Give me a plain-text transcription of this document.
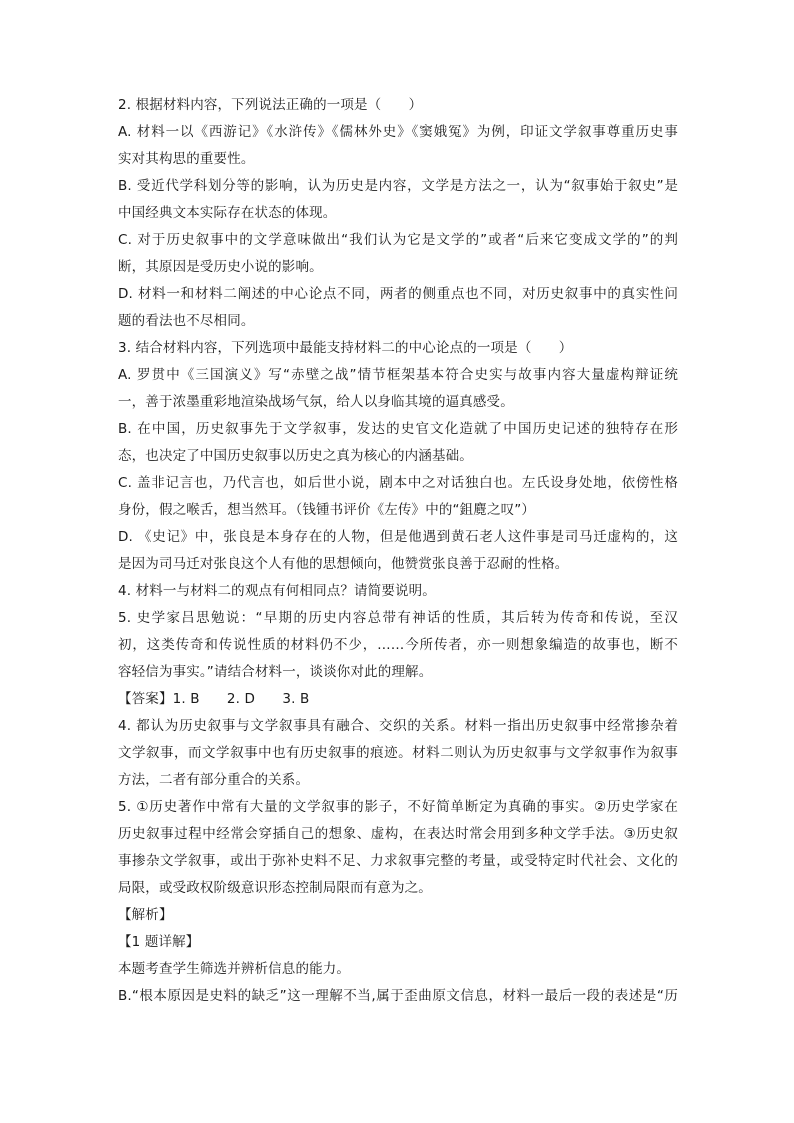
2. 根据材料内容，下列说法正确的一项是（　　）
A. 材料一以《西游记》《水浒传》《儒林外史》《窦娥冤》为例，印证文学叙事尊重历史事
实对其构思的重要性。
B. 受近代学科划分等的影响，认为历史是内容，文学是方法之一，认为“叙事始于叙史”是
中国经典文本实际存在状态的体现。
C. 对于历史叙事中的文学意味做出“我们认为它是文学的”或者“后来它变成文学的”的判
断，其原因是受历史小说的影响。
D. 材料一和材料二阐述的中心论点不同，两者的侧重点也不同，对历史叙事中的真实性问
题的看法也不尽相同。
3. 结合材料内容，下列选项中最能支持材料二的中心论点的一项是（　　）
A. 罗贯中《三国演义》写“赤壁之战”情节框架基本符合史实与故事内容大量虚构辩证统
一，善于浓墨重彩地渲染战场气氛，给人以身临其境的逼真感受。
B. 在中国，历史叙事先于文学叙事，发达的史官文化造就了中国历史记述的独特存在形
态，也决定了中国历史叙事以历史之真为核心的内涵基础。
C. 盖非记言也，乃代言也，如后世小说，剧本中之对话独白也。左氏设身处地，依傍性格
身份，假之喉舌，想当然耳。（钱锺书评价《左传》中的“鉏麑之叹”）
D. 《史记》中，张良是本身存在的人物，但是他遇到黄石老人这件事是司马迁虚构的，这
是因为司马迁对张良这个人有他的思想倾向，他赞赏张良善于忍耐的性格。
4. 材料一与材料二的观点有何相同点？请简要说明。
5. 史学家吕思勉说：“早期的历史内容总带有神话的性质，其后转为传奇和传说，至汉
初，这类传奇和传说性质的材料仍不少，……今所传者，亦一则想象编造的故事也，断不
容轻信为事实。”请结合材料一，谈谈你对此的理解。
【答案】1. B　　2. D　　3. B
4. 都认为历史叙事与文学叙事具有融合、交织的关系。材料一指出历史叙事中经常掺杂着
文学叙事，而文学叙事中也有历史叙事的痕迹。材料二则认为历史叙事与文学叙事作为叙事
方法，二者有部分重合的关系。
5. ①历史著作中常有大量的文学叙事的影子，不好简单断定为真确的事实。②历史学家在
历史叙事过程中经常会穿插自己的想象、虚构，在表达时常会用到多种文学手法。③历史叙
事掺杂文学叙事，或出于弥补史料不足、力求叙事完整的考量，或受特定时代社会、文化的
局限，或受政权阶级意识形态控制局限而有意为之。
【解析】
【1 题详解】
本题考查学生筛选并辨析信息的能力。
B.“根本原因是史料的缺乏”这一理解不当,属于歪曲原文信息，材料一最后一段的表述是“历
